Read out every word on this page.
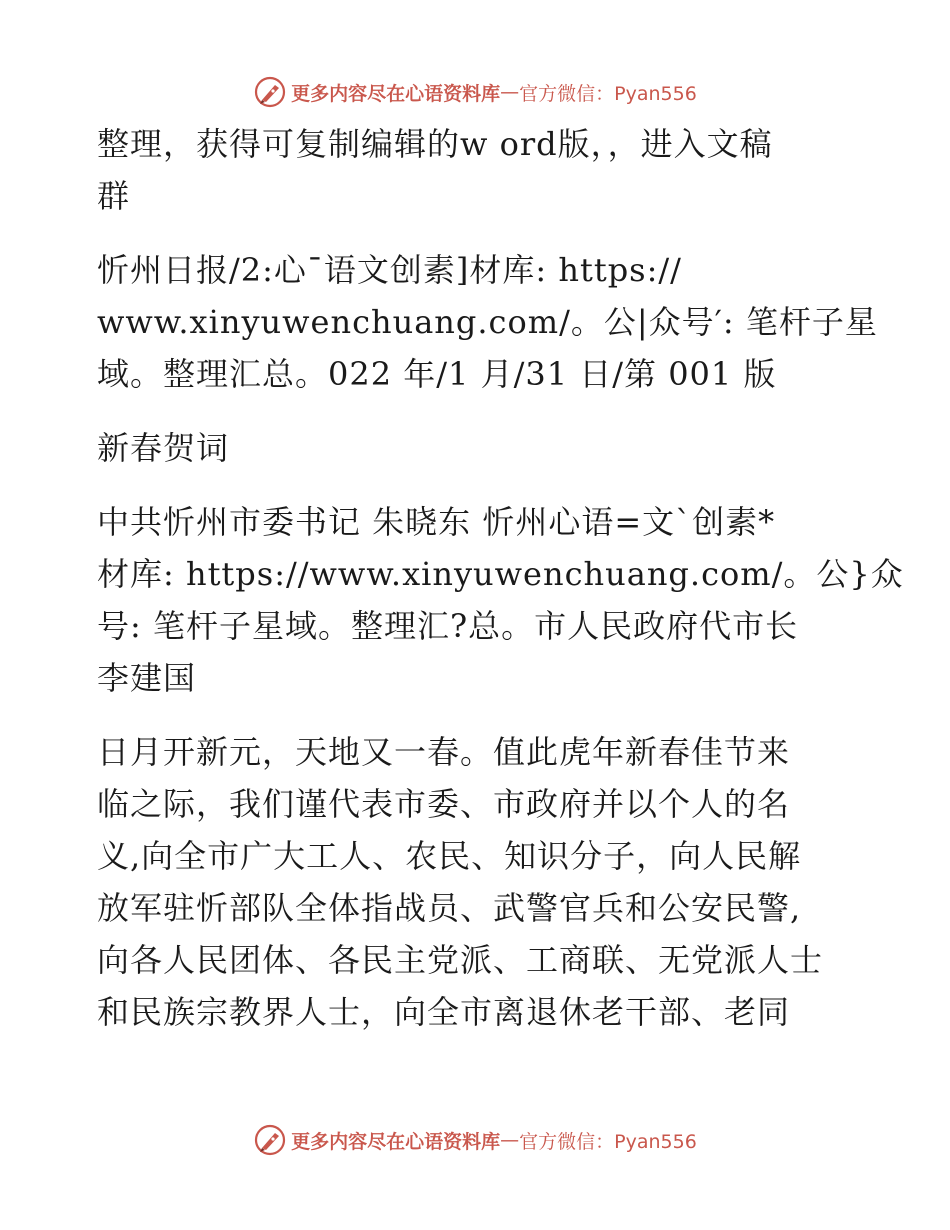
更多内容尽在心语资料库 — 官方微信：Pyan556
整理，获得可复制编辑的w ord版，，进入文稿
群
忻州日报/2:心¯语文创素]材库: https://
www.xinyuwenchuang.com/。公|众号′: 笔杆子星
域。整理汇总。022 年/1 月/31 日/第 001 版
新春贺词
中共忻州市委书记 朱晓东 忻州心语=文`创素*
材库: https://www.xinyuwenchuang.com/。公}众
号: 笔杆子星域。整理汇?总。市人民政府代市长
李建国
日月开新元，天地又一春。值此虎年新春佳节来
临之际，我们谨代表市委、市政府并以个人的名
义,向全市广大工人、农民、知识分子，向人民解
放军驻忻部队全体指战员、武警官兵和公安民警,
向各人民团体、各民主党派、工商联、无党派人士
和民族宗教界人士，向全市离退休老干部、老同
更多内容尽在心语资料库 — 官方微信：Pyan556
